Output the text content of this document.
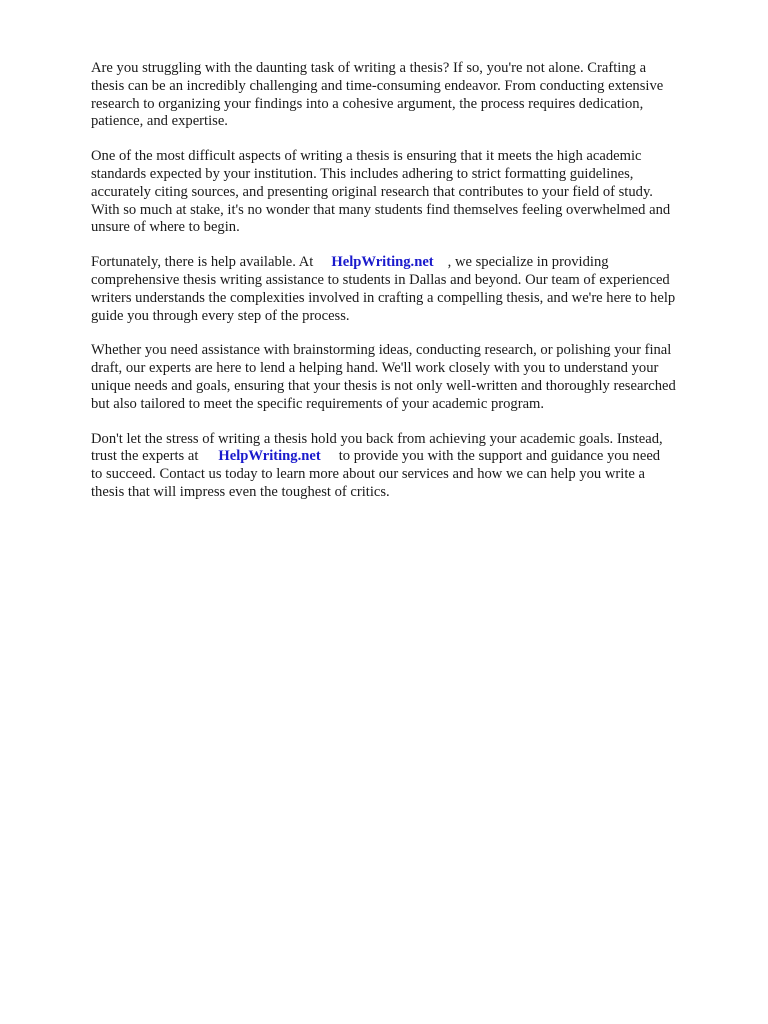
Are you struggling with the daunting task of writing a thesis? If so, you're not alone. Crafting a
thesis can be an incredibly challenging and time-consuming endeavor. From conducting extensive
research to organizing your findings into a cohesive argument, the process requires dedication,
patience, and expertise.

One of the most difficult aspects of writing a thesis is ensuring that it meets the high academic
standards expected by your institution. This includes adhering to strict formatting guidelines,
accurately citing sources, and presenting original research that contributes to your field of study.
With so much at stake, it's no wonder that many students find themselves feeling overwhelmed and
unsure of where to begin.

Fortunately, there is help available. At HelpWriting.net , we specialize in providing
comprehensive thesis writing assistance to students in Dallas and beyond. Our team of experienced
writers understands the complexities involved in crafting a compelling thesis, and we're here to help
guide you through every step of the process.

Whether you need assistance with brainstorming ideas, conducting research, or polishing your final
draft, our experts are here to lend a helping hand. We'll work closely with you to understand your
unique needs and goals, ensuring that your thesis is not only well-written and thoroughly researched
but also tailored to meet the specific requirements of your academic program.

Don't let the stress of writing a thesis hold you back from achieving your academic goals. Instead,
trust the experts at HelpWriting.net to provide you with the support and guidance you need
to succeed. Contact us today to learn more about our services and how we can help you write a
thesis that will impress even the toughest of critics.
